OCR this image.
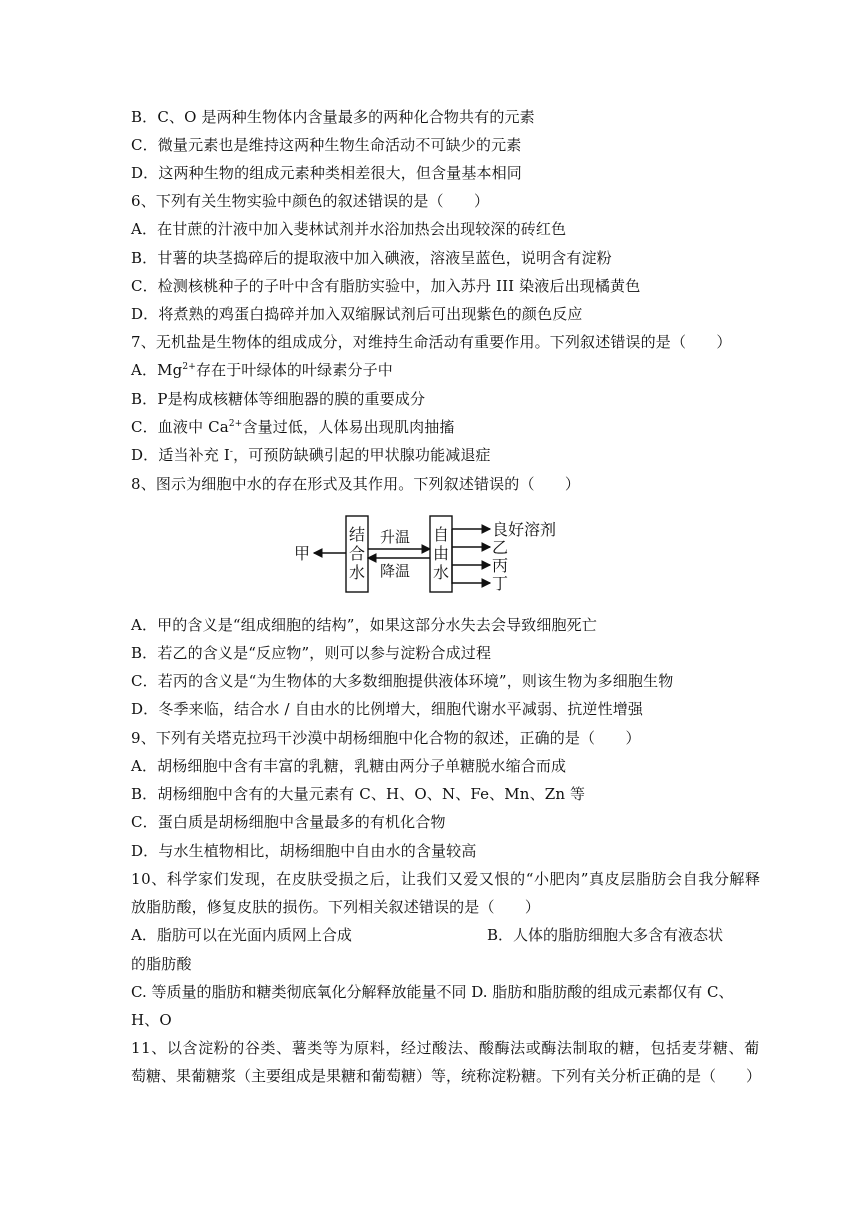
B．C、O 是两种生物体内含量最多的两种化合物共有的元素
C．微量元素也是维持这两种生物生命活动不可缺少的元素
D．这两种生物的组成元素种类相差很大，但含量基本相同
6、下列有关生物实验中颜色的叙述错误的是（　　）
A．在甘蔗的汁液中加入斐林试剂并水浴加热会出现较深的砖红色
B．甘薯的块茎捣碎后的提取液中加入碘液，溶液呈蓝色，说明含有淀粉
C．检测核桃种子的子叶中含有脂肪实验中，加入苏丹 III 染液后出现橘黄色
D．将煮熟的鸡蛋白捣碎并加入双缩脲试剂后可出现紫色的颜色反应
7、无机盐是生物体的组成成分，对维持生命活动有重要作用。下列叙述错误的是（　　）
A．$Mg^{2+}$存在于叶绿体的叶绿素分子中
B．P是构成核糖体等细胞器的膜的重要成分
C．血液中 $Ca^{2+}$含量过低，人体易出现肌肉抽搐
D．适当补充 I-，可预防缺碘引起的甲状腺功能减退症
8、图示为细胞中水的存在形式及其作用。下列叙述错误的（　　）
甲
结
合
水
升温
降温
自
由
水
良好溶剂
乙
丙
丁
A．甲的含义是“组成细胞的结构”，如果这部分水失去会导致细胞死亡
B．若乙的含义是“反应物”，则可以参与淀粉合成过程
C．若丙的含义是“为生物体的大多数细胞提供液体环境”，则该生物为多细胞生物
D．冬季来临，结合水 / 自由水的比例增大，细胞代谢水平减弱、抗逆性增强
9、下列有关塔克拉玛干沙漠中胡杨细胞中化合物的叙述，正确的是（　　）
A．胡杨细胞中含有丰富的乳糖，乳糖由两分子单糖脱水缩合而成
B．胡杨细胞中含有的大量元素有 C、H、O、N、Fe、Mn、Zn 等
C．蛋白质是胡杨细胞中含量最多的有机化合物
D．与水生植物相比，胡杨细胞中自由水的含量较高
10、科学家们发现，在皮肤受损之后，让我们又爱又恨的“小肥肉”真皮层脂肪会自我分解释
放脂肪酸，修复皮肤的损伤。下列相关叙述错误的是（　　）
A．脂肪可以在光面内质网上合成	B．人体的脂肪细胞大多含有液态状
的脂肪酸
C. 等质量的脂肪和糖类彻底氧化分解释放能量不同 D. 脂肪和脂肪酸的组成元素都仅有 C、
H、O
11、以含淀粉的谷类、薯类等为原料，经过酸法、酸酶法或酶法制取的糖，包括麦芽糖、葡
萄糖、果葡糖浆（主要组成是果糖和葡萄糖）等，统称淀粉糖。下列有关分析正确的是（　　）
